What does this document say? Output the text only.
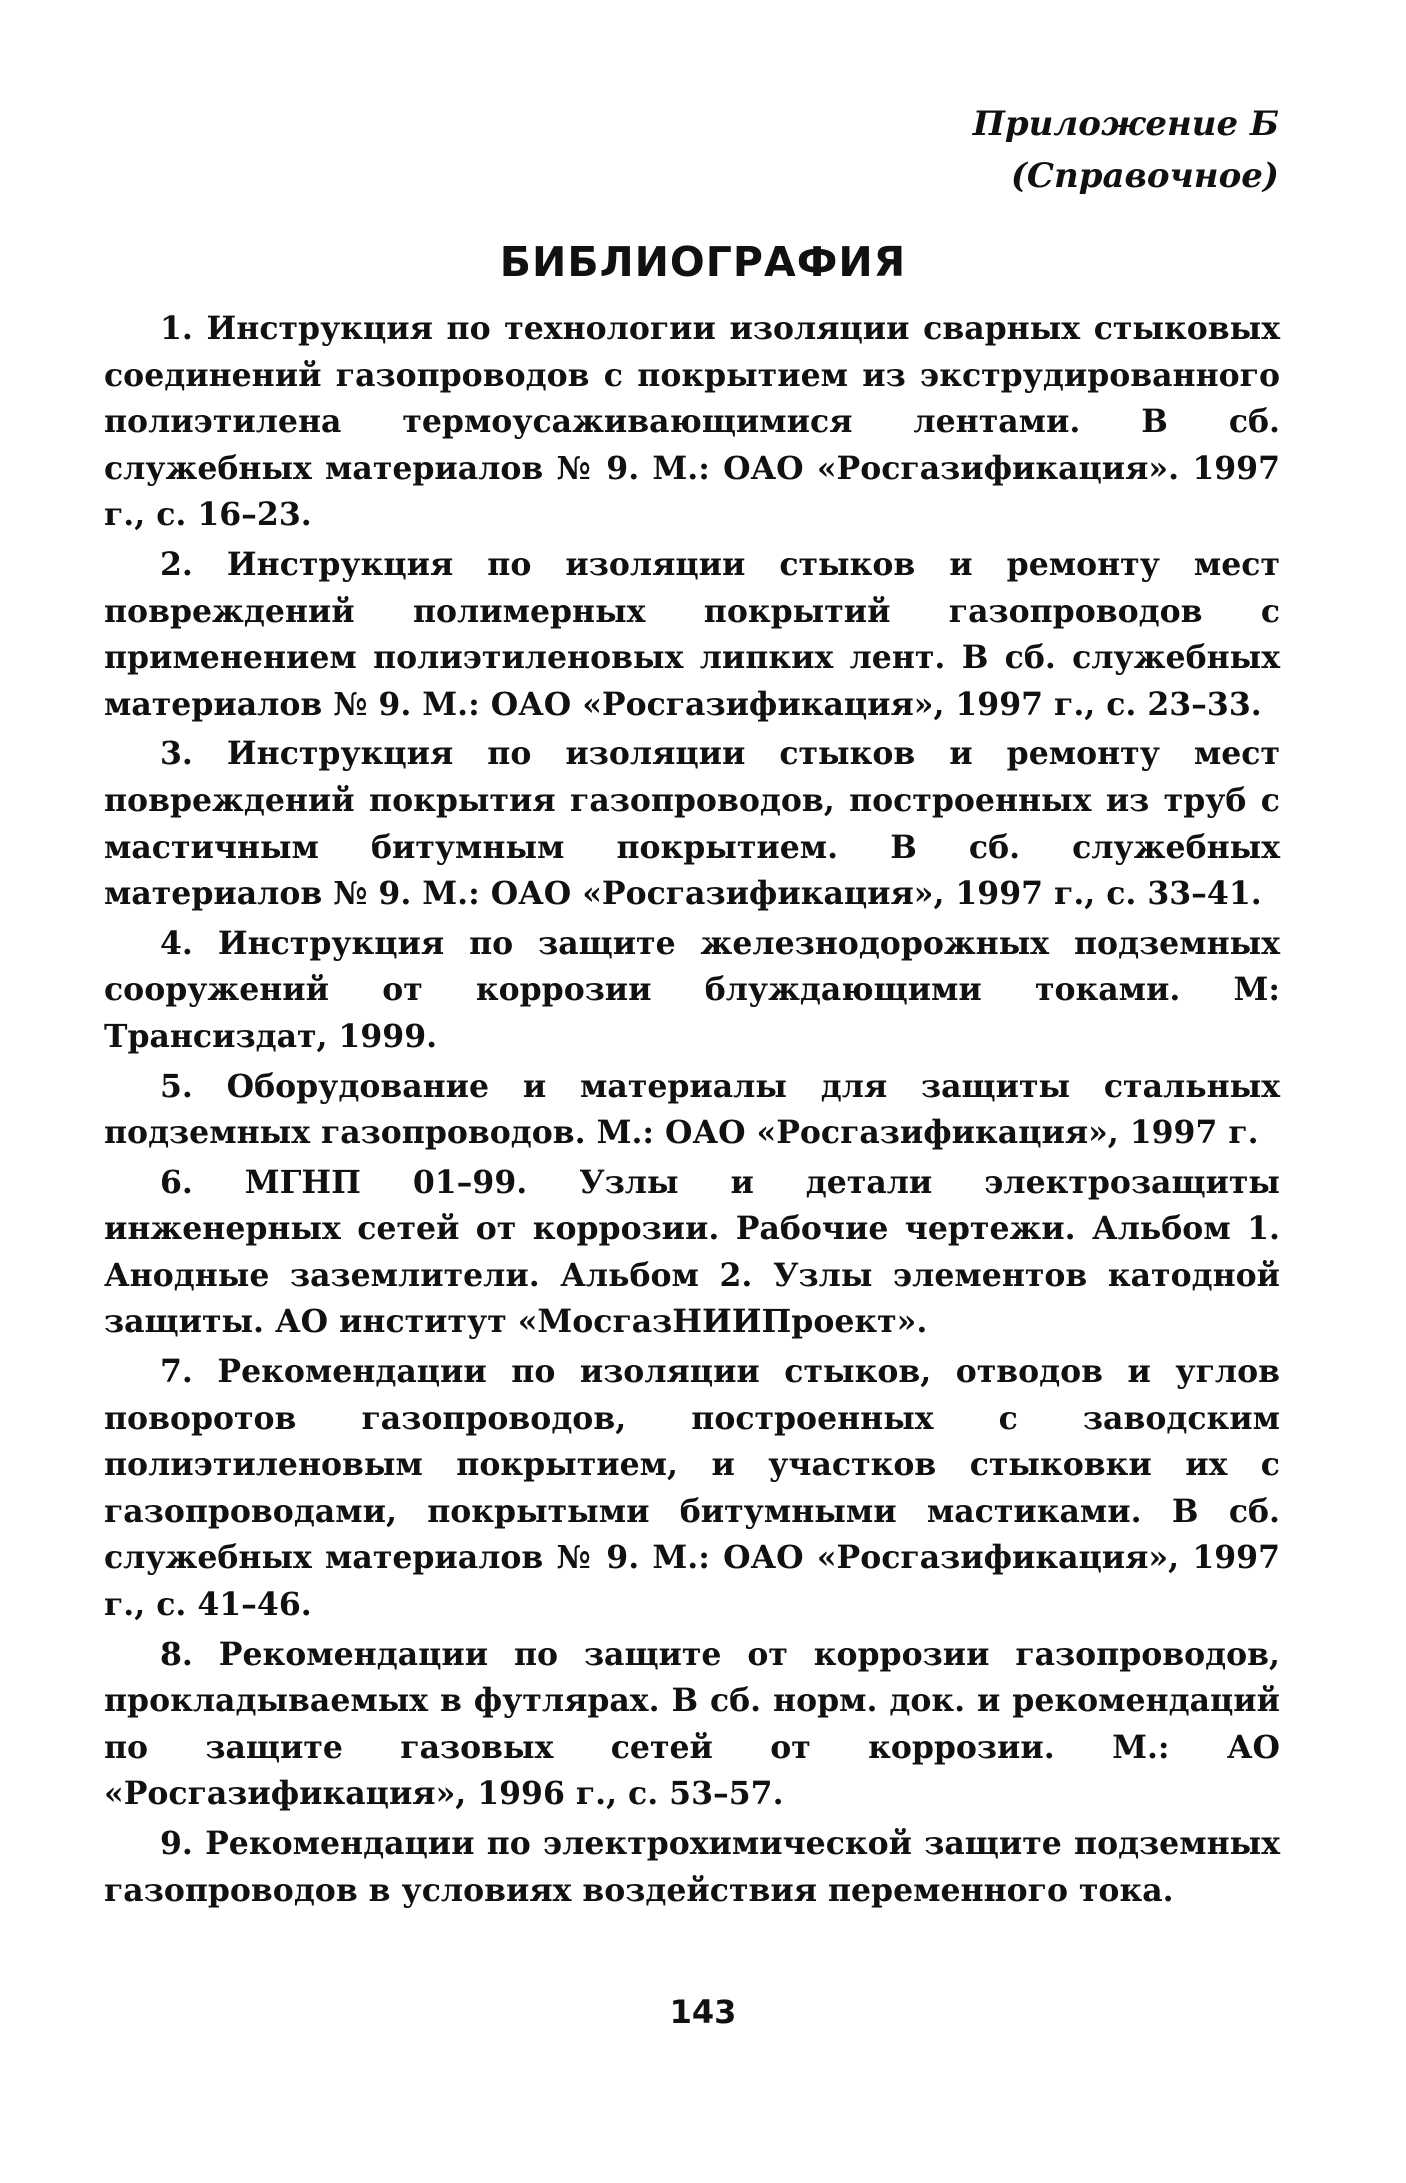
Приложение Б
(Справочное)
БИБЛИОГРАФИЯ

1. Инструкция по технологии изоляции сварных стыковых соединений газопроводов с покрытием из экструдированного полиэтилена термоусаживающимися лентами. В сб. служебных материалов № 9. М.: ОАО «Росгазификация». 1997 г., с. 16–23.

2. Инструкция по изоляции стыков и ремонту мест повреждений полимерных покрытий газопроводов с применением полиэтиленовых липких лент. В сб. служебных материалов № 9. М.: ОАО «Росгазификация», 1997 г., с. 23–33.

3. Инструкция по изоляции стыков и ремонту мест повреждений покрытия газопроводов, построенных из труб с мастичным битумным покрытием. В сб. служебных материалов № 9. М.: ОАО «Росгазификация», 1997 г., с. 33–41.

4. Инструкция по защите железнодорожных подземных сооружений от коррозии блуждающими токами. М: Трансиздат, 1999.

5. Оборудование и материалы для защиты стальных подземных газопроводов. М.: ОАО «Росгазификация», 1997 г.

6. МГНП 01–99. Узлы и детали электрозащиты инженерных сетей от коррозии. Рабочие чертежи. Альбом 1. Анодные заземлители. Альбом 2. Узлы элементов катодной защиты. АО институт «МосгазНИИПроект».

7. Рекомендации по изоляции стыков, отводов и углов поворотов газопроводов, построенных с заводским полиэтиленовым покрытием, и участков стыковки их с газопроводами, покрытыми битумными мастиками. В сб. служебных материалов № 9. М.: ОАО «Росгазификация», 1997 г., с. 41–46.

8. Рекомендации по защите от коррозии газопроводов, прокладываемых в футлярах. В сб. норм. док. и рекомендаций по защите газовых сетей от коррозии. М.: АО «Росгазификация», 1996 г., с. 53–57.

9. Рекомендации по электрохимической защите подземных газопроводов в условиях воздействия переменного тока.

143
